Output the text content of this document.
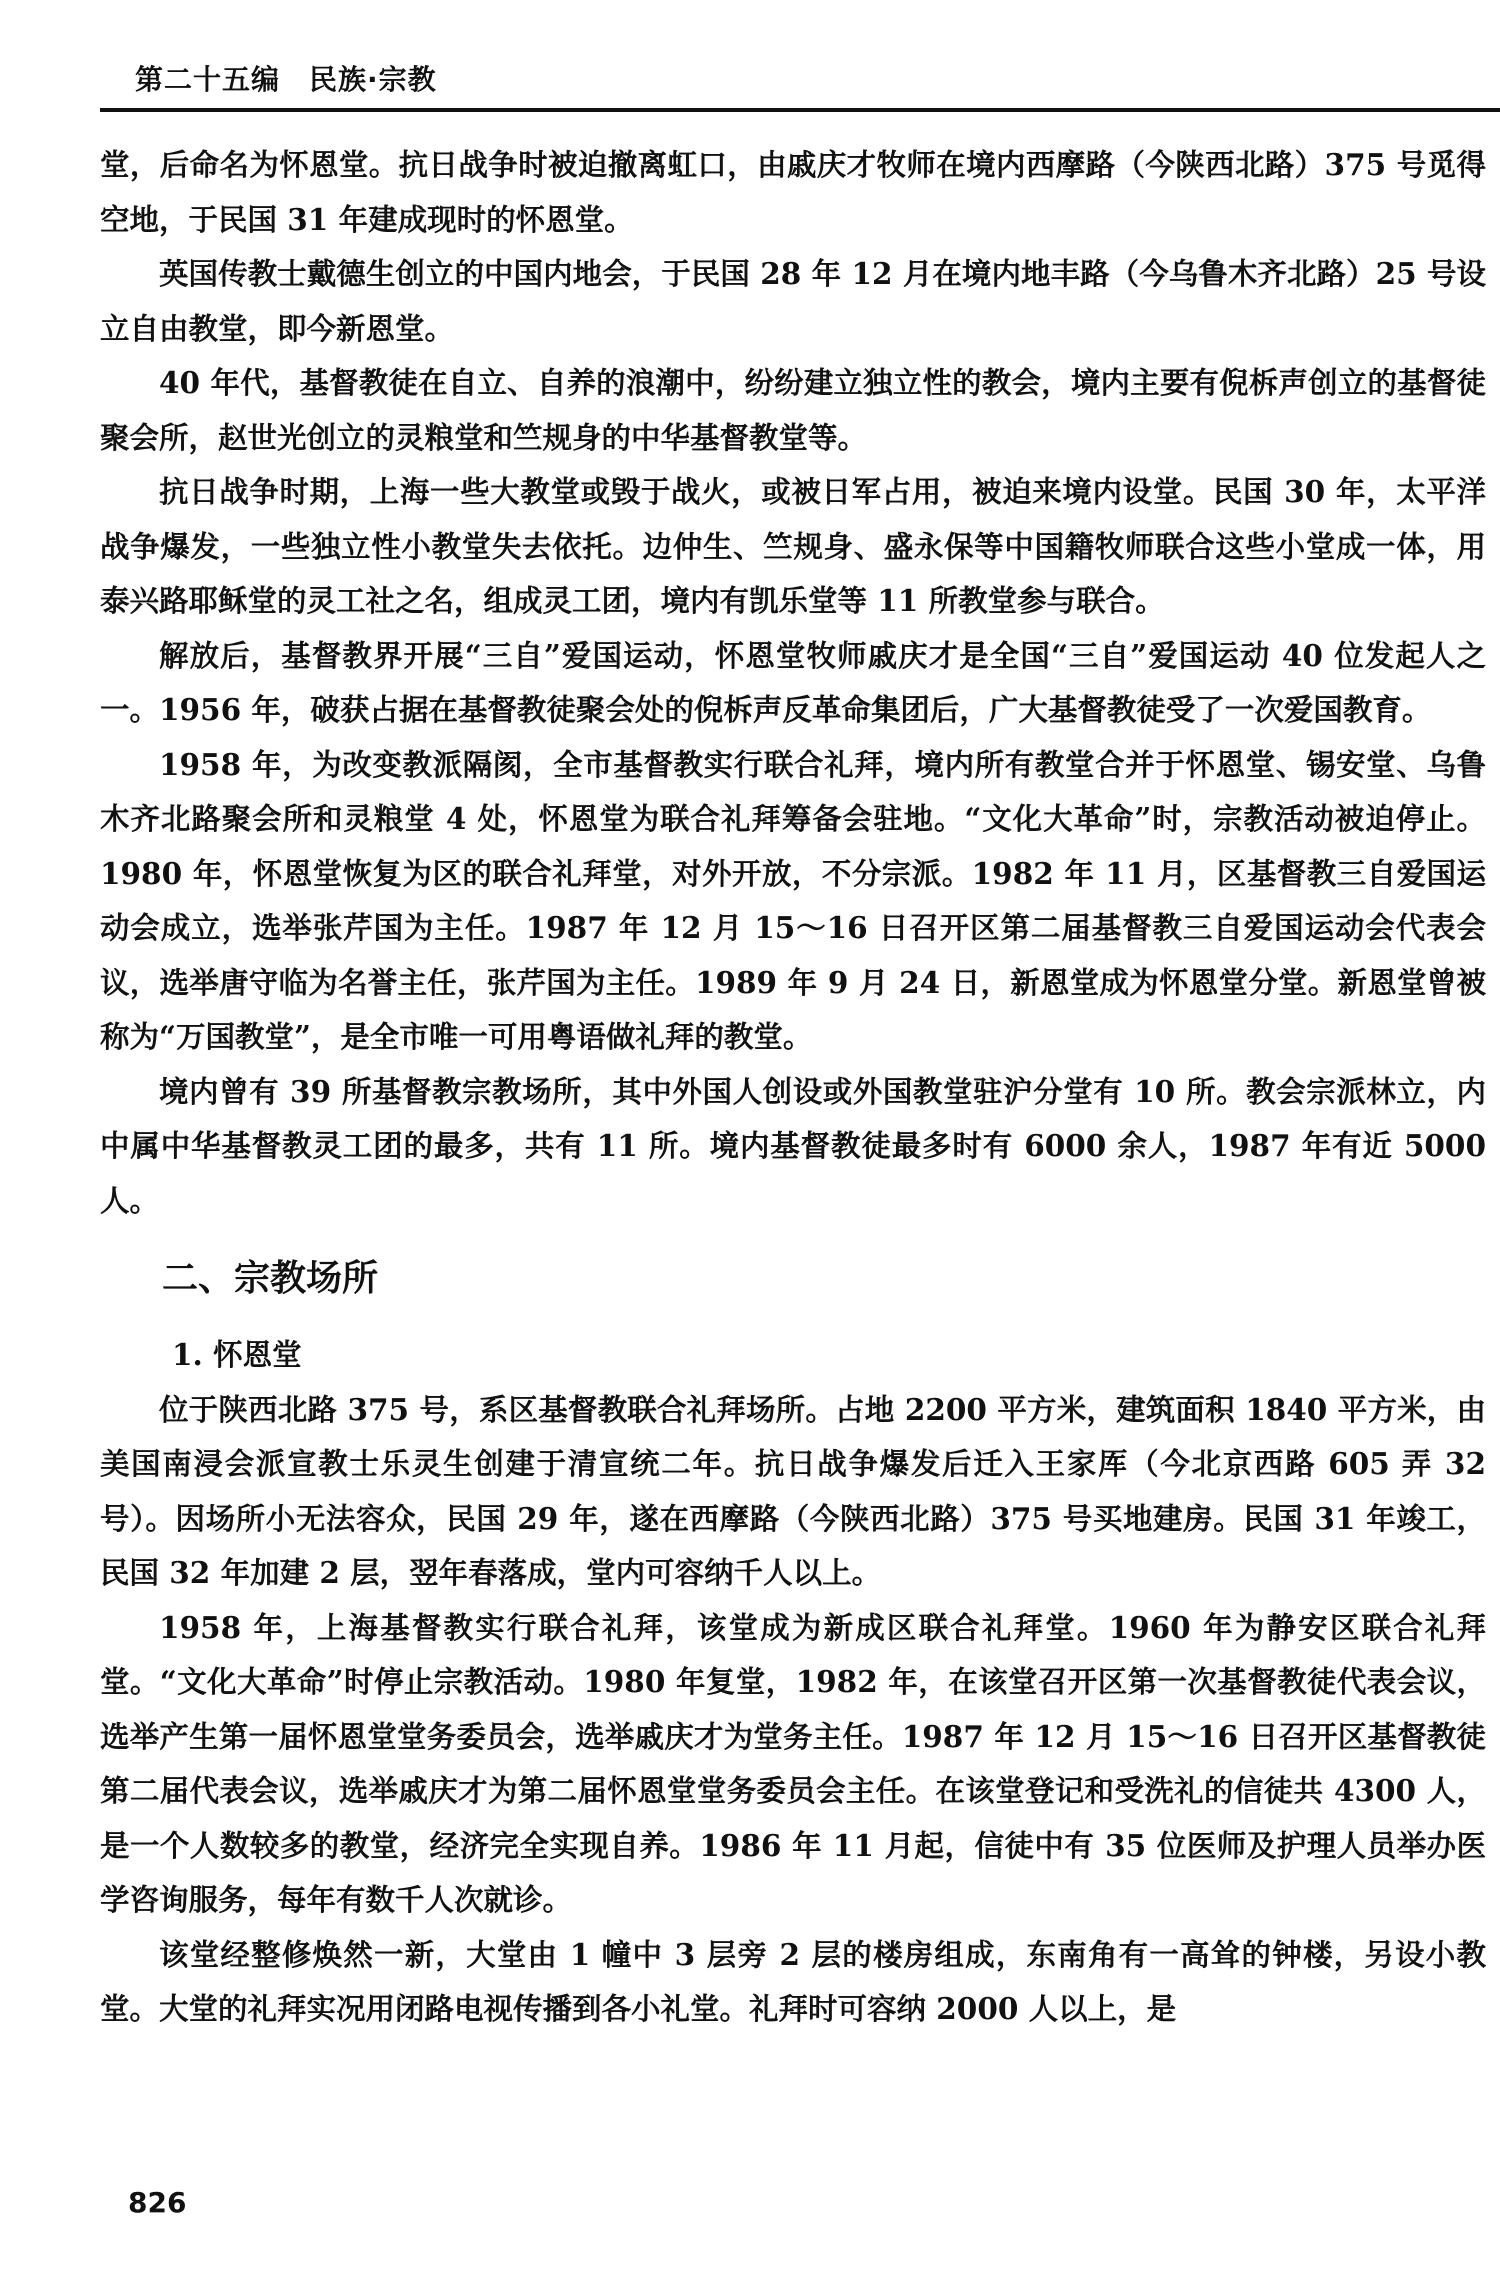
第二十五编　民族·宗教

堂，后命名为怀恩堂。抗日战争时被迫撤离虹口，由戚庆才牧师在境内西摩路（今陕西北路）375 号觅得空地，于民国 31 年建成现时的怀恩堂。

英国传教士戴德生创立的中国内地会，于民国 28 年 12 月在境内地丰路（今乌鲁木齐北路）25 号设立自由教堂，即今新恩堂。

40 年代，基督教徒在自立、自养的浪潮中，纷纷建立独立性的教会，境内主要有倪柝声创立的基督徒聚会所，赵世光创立的灵粮堂和竺规身的中华基督教堂等。

抗日战争时期，上海一些大教堂或毁于战火，或被日军占用，被迫来境内设堂。民国 30 年，太平洋战争爆发，一些独立性小教堂失去依托。边仲生、竺规身、盛永保等中国籍牧师联合这些小堂成一体，用泰兴路耶稣堂的灵工社之名，组成灵工团，境内有凯乐堂等 11 所教堂参与联合。

解放后，基督教界开展“三自”爱国运动，怀恩堂牧师戚庆才是全国“三自”爱国运动 40 位发起人之一。1956 年，破获占据在基督教徒聚会处的倪柝声反革命集团后，广大基督教徒受了一次爱国教育。

1958 年，为改变教派隔阂，全市基督教实行联合礼拜，境内所有教堂合并于怀恩堂、锡安堂、乌鲁木齐北路聚会所和灵粮堂 4 处，怀恩堂为联合礼拜筹备会驻地。“文化大革命”时，宗教活动被迫停止。1980 年，怀恩堂恢复为区的联合礼拜堂，对外开放，不分宗派。1982 年 11 月，区基督教三自爱国运动会成立，选举张芹国为主任。1987 年 12 月 15～16 日召开区第二届基督教三自爱国运动会代表会议，选举唐守临为名誉主任，张芹国为主任。1989 年 9 月 24 日，新恩堂成为怀恩堂分堂。新恩堂曾被称为“万国教堂”，是全市唯一可用粤语做礼拜的教堂。

境内曾有 39 所基督教宗教场所，其中外国人创设或外国教堂驻沪分堂有 10 所。教会宗派林立，内中属中华基督教灵工团的最多，共有 11 所。境内基督教徒最多时有 6000 余人，1987 年有近 5000 人。

二、宗教场所
1. 怀恩堂

位于陕西北路 375 号，系区基督教联合礼拜场所。占地 2200 平方米，建筑面积 1840 平方米，由美国南浸会派宣教士乐灵生创建于清宣统二年。抗日战争爆发后迁入王家厍（今北京西路 605 弄 32 号）。因场所小无法容众，民国 29 年，遂在西摩路（今陕西北路）375 号买地建房。民国 31 年竣工，民国 32 年加建 2 层，翌年春落成，堂内可容纳千人以上。

1958 年，上海基督教实行联合礼拜，该堂成为新成区联合礼拜堂。1960 年为静安区联合礼拜堂。“文化大革命”时停止宗教活动。1980 年复堂，1982 年，在该堂召开区第一次基督教徒代表会议，选举产生第一届怀恩堂堂务委员会，选举戚庆才为堂务主任。1987 年 12 月 15～16 日召开区基督教徒第二届代表会议，选举戚庆才为第二届怀恩堂堂务委员会主任。在该堂登记和受洗礼的信徒共 4300 人，是一个人数较多的教堂，经济完全实现自养。1986 年 11 月起，信徒中有 35 位医师及护理人员举办医学咨询服务，每年有数千人次就诊。

该堂经整修焕然一新，大堂由 1 幢中 3 层旁 2 层的楼房组成，东南角有一高耸的钟楼，另设小教堂。大堂的礼拜实况用闭路电视传播到各小礼堂。礼拜时可容纳 2000 人以上，是

826
